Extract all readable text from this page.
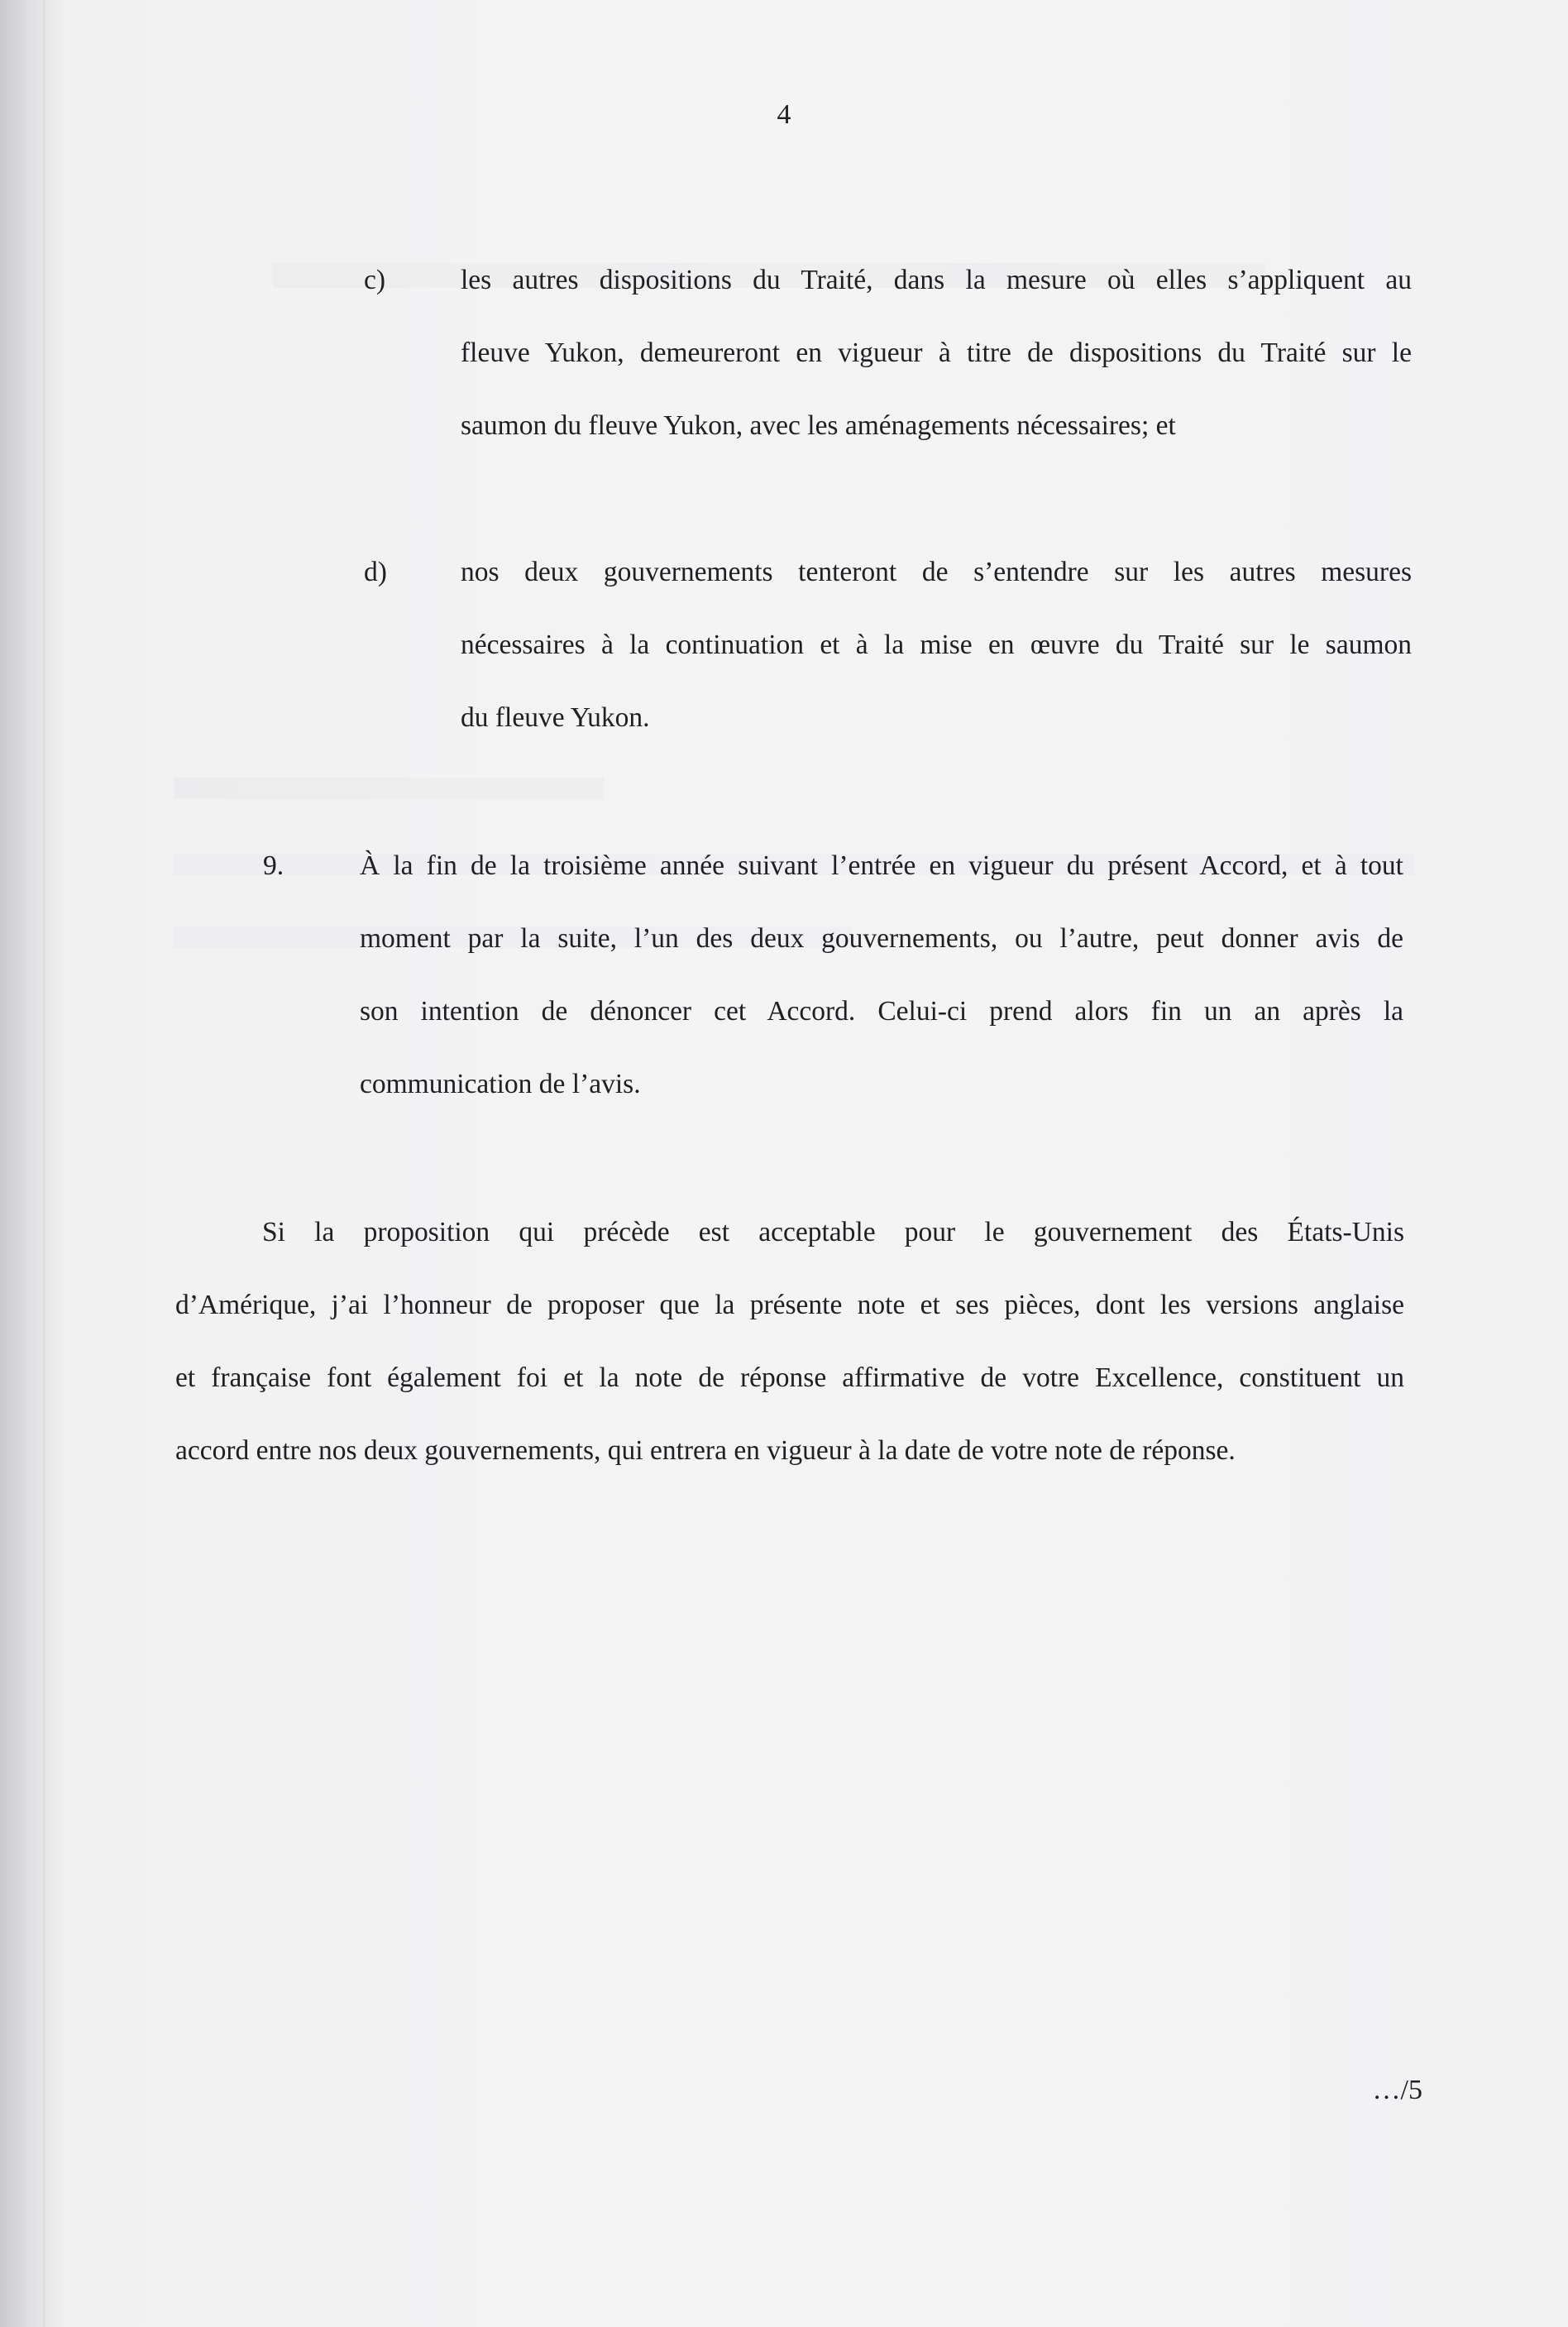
4
c)	les autres dispositions du Traité, dans la mesure où elles s’appliquent au
fleuve Yukon, demeureront en vigueur à titre de dispositions du Traité sur le
saumon du fleuve Yukon, avec les aménagements nécessaires; et
d)	nos deux gouvernements tenteront de s’entendre sur les autres mesures
nécessaires à la continuation et à la mise en œuvre du Traité sur le saumon
du fleuve Yukon.
9.	À la fin de la troisième année suivant l’entrée en vigueur du présent Accord, et à tout
moment par la suite, l’un des deux gouvernements, ou l’autre, peut donner avis de
son intention de dénoncer cet Accord. Celui-ci prend alors fin un an après la
communication de l’avis.
Si la proposition qui précède est acceptable pour le gouvernement des États-Unis
d’Amérique, j’ai l’honneur de proposer que la présente note et ses pièces, dont les versions anglaise
et française font également foi et la note de réponse affirmative de votre Excellence, constituent un
accord entre nos deux gouvernements, qui entrera en vigueur à la date de votre note de réponse.
…/5
